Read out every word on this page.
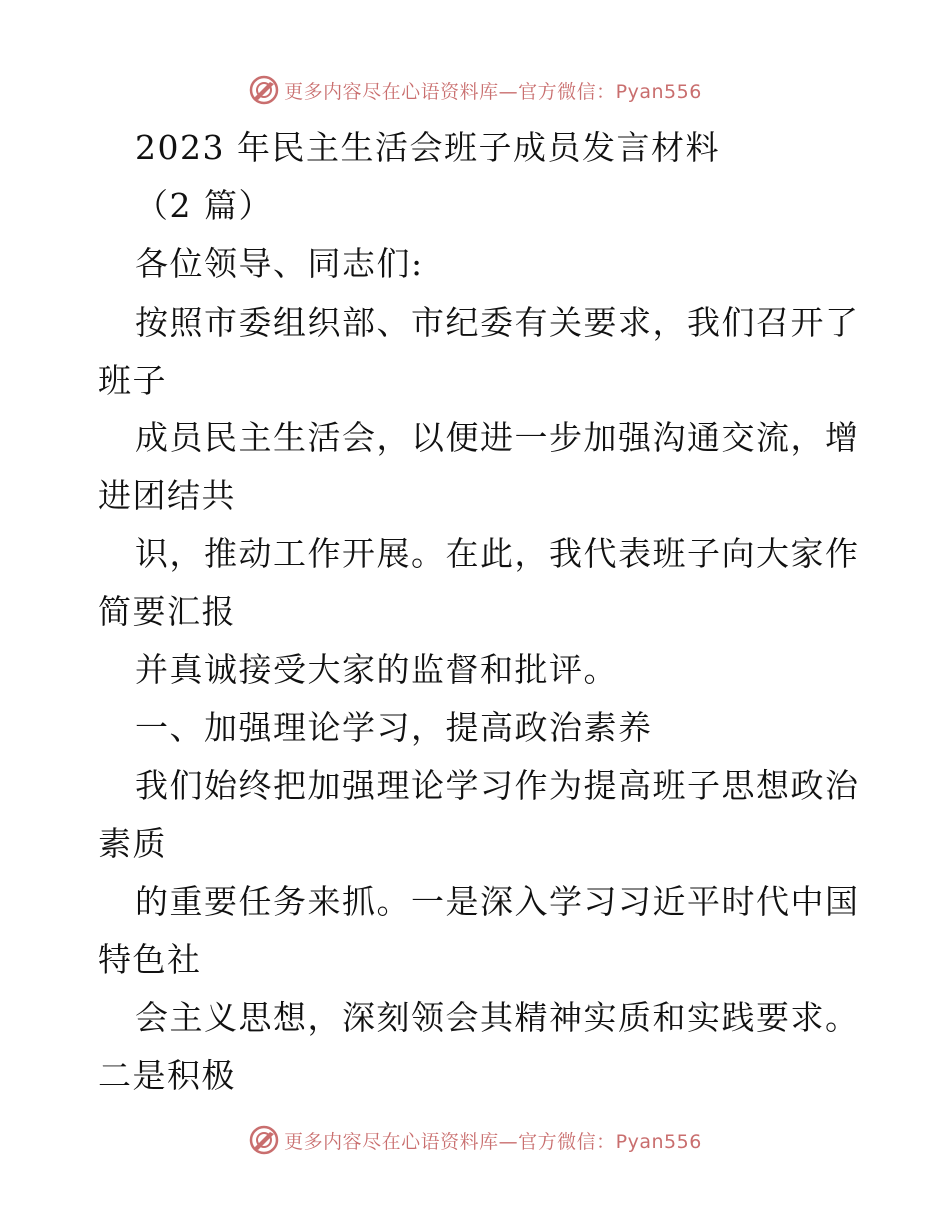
更多内容尽在心语资料库—官方微信：Pyan556
2023 年民主生活会班子成员发言材料
（2 篇）
各位领导、同志们:
按照市委组织部、市纪委有关要求，我们召开了
班子
成员民主生活会，以便进一步加强沟通交流，增
进团结共
识，推动工作开展。在此，我代表班子向大家作
简要汇报
并真诚接受大家的监督和批评。
一、加强理论学习，提高政治素养
我们始终把加强理论学习作为提高班子思想政治
素质
的重要任务来抓。一是深入学习习近平时代中国
特色社
会主义思想，深刻领会其精神实质和实践要求。
二是积极
更多内容尽在心语资料库—官方微信：Pyan556
